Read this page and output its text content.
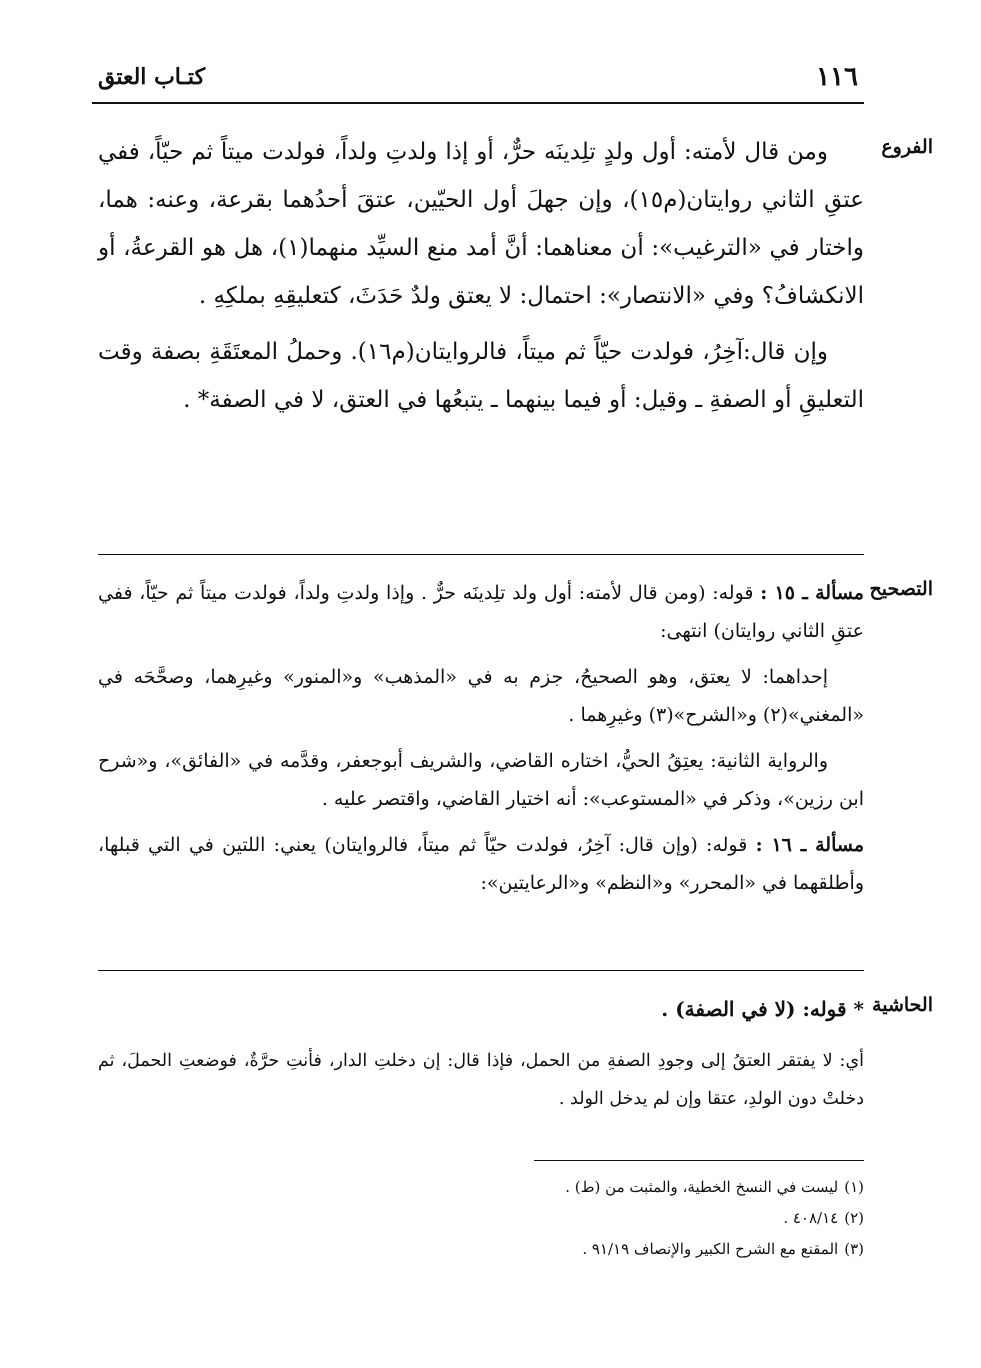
١١٦
كتـاب العتق
الفروع

ومن قال لأمته: أول ولدٍ تلِدينَه حرٌّ، أو إذا ولدتِ ولداً، فولدت ميتاً ثم حيّاً، ففي عتقِ الثاني روايتان(م١٥)، وإن جهلَ أول الحيّين، عتقَ أحدُهما بقرعة، وعنه: هما، واختار في «الترغيب»: أن معناهما: أنَّ أمد منع السيِّد منهما(١)، هل هو القرعةُ، أو الانكشافُ؟ وفي «الانتصار»: احتمال: لا يعتق ولدٌ حَدَثَ، كتعليقِهِ بملكِهِ .

وإن قال:آخِرُ، فولدت حيّاً ثم ميتاً، فالروايتان(م١٦). وحملُ المعتَقَةِ بصفة وقت التعليقِ أو الصفةِ ـ وقيل: أو فيما بينهما ـ يتبعُها في العتق، لا في الصفة* .

التصحيح

مسألة ـ ١٥ : قوله: (ومن قال لأمته: أول ولد تلِدينَه حرٌّ . وإذا ولدتِ ولداً، فولدت ميتاً ثم حيّاً، ففي عتقِ الثاني روايتان) انتهى:

إحداهما: لا يعتق، وهو الصحيحُ، جزم به في «المذهب» و«المنور» وغيرِهما، وصحَّحَه في «المغني»(٢) و«الشرح»(٣) وغيرِهما .

والرواية الثانية: يعتِقُ الحيُّ، اختاره القاضي، والشريف أبوجعفر، وقدَّمه في «الفائق»، و«شرح ابن رزين»، وذكر في «المستوعب»: أنه اختيار القاضي، واقتصر عليه .

مسألة ـ ١٦ : قوله: (وإن قال: آخِرُ، فولدت حيّاً ثم ميتاً، فالروايتان) يعني: اللتين في التي قبلها، وأطلقهما في «المحرر» و«النظم» و«الرعايتين»:

الحاشية

* قوله: (لا في الصفة) .

أي: لا يفتقر العتقُ إلى وجودِ الصفةِ من الحمل، فإذا قال: إن دخلتِ الدار، فأنتِ حرَّةٌ، فوضعتِ الحملَ، ثم دخلتْ دون الولدِ، عتقا وإن لم يدخل الولد .

(١)ليست في النسخ الخطية، والمثبت من (ط) .

(٢)٤٠٨/١٤ .

(٣)المقنع مع الشرح الكبير والإنصاف ٩١/١٩ .
